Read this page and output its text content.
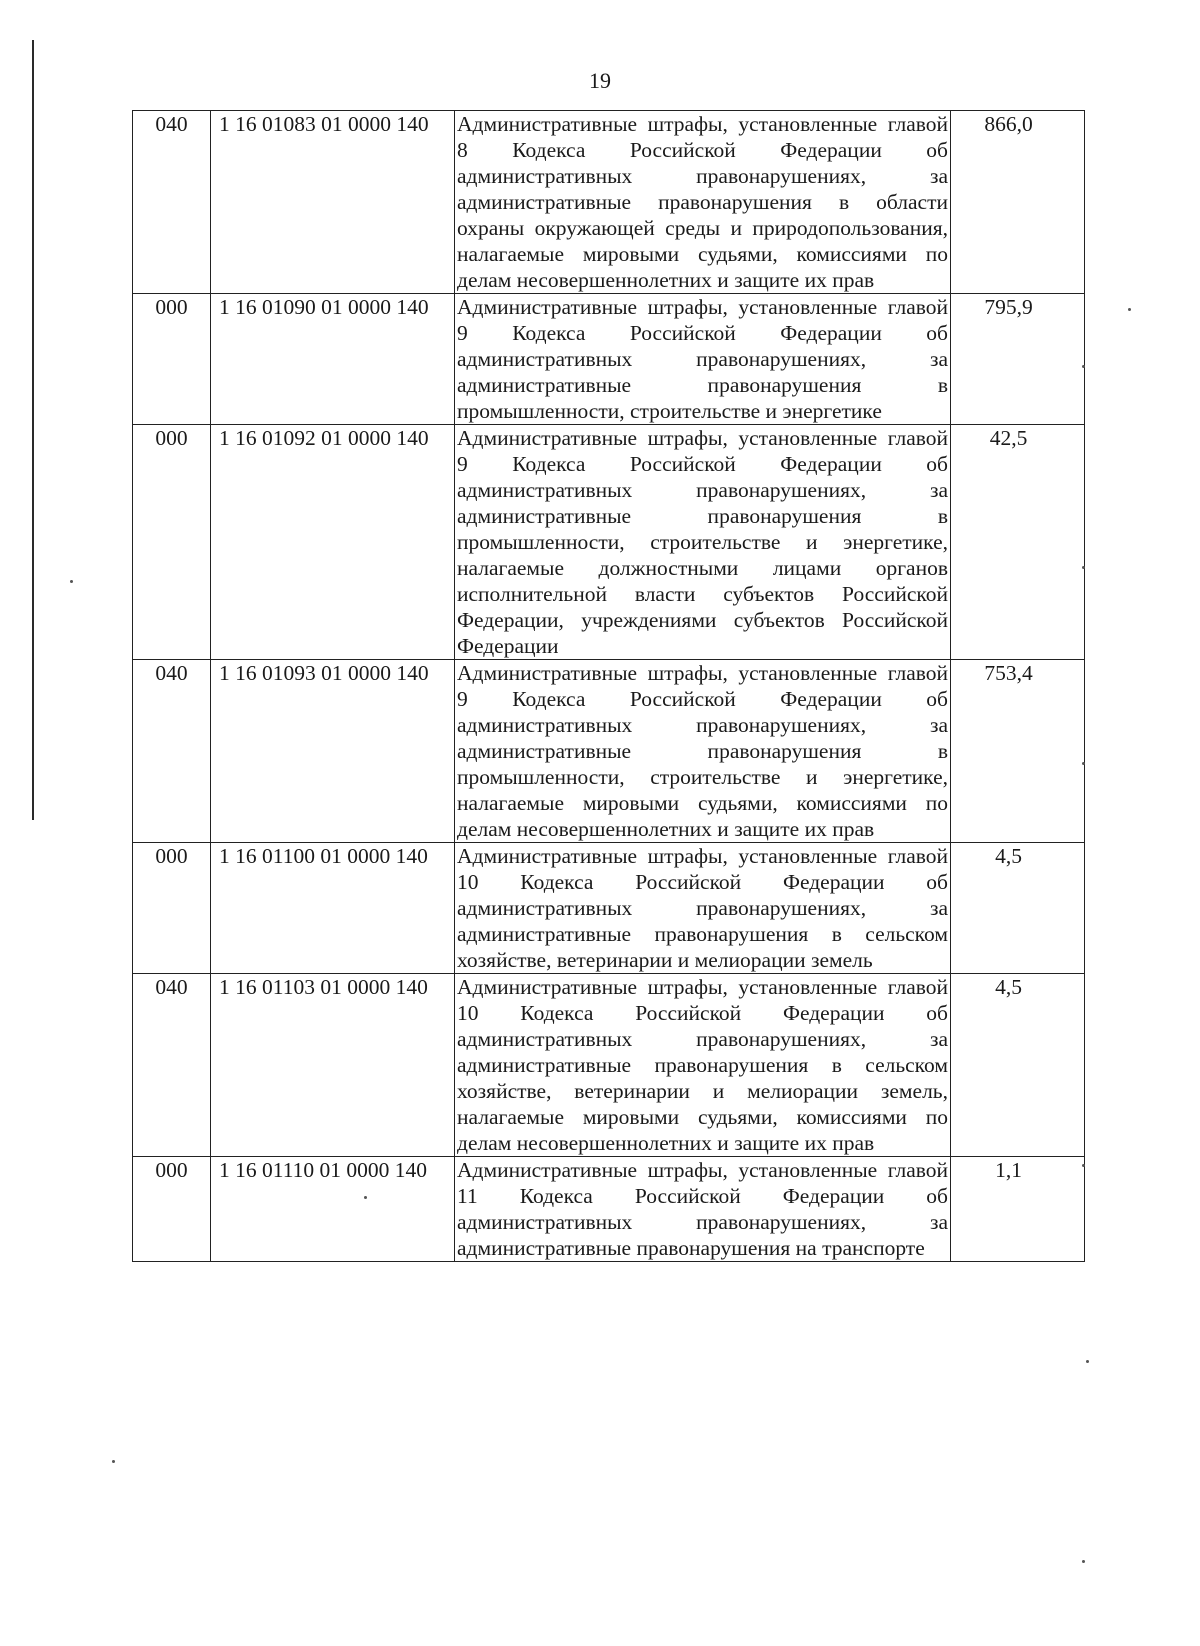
19
040	1 16 01083 01 0000 140	Административные штрафы, установленные главой 8 Кодекса Российской Федерации об административных правонарушениях, за административные правонарушения в области охраны окружающей среды и природопользования, налагаемые мировыми судьями, комиссиями по делам несовершеннолетних и защите их прав	866,0
000	1 16 01090 01 0000 140	Административные штрафы, установленные главой 9 Кодекса Российской Федерации об административных правонарушениях, за административные правонарушения в промышленности, строительстве и энергетике	795,9
000	1 16 01092 01 0000 140	Административные штрафы, установленные главой 9 Кодекса Российской Федерации об административных правонарушениях, за административные правонарушения в промышленности, строительстве и энергетике, налагаемые должностными лицами органов исполнительной власти субъектов Российской Федерации, учреждениями субъектов Российской Федерации	42,5
040	1 16 01093 01 0000 140	Административные штрафы, установленные главой 9 Кодекса Российской Федерации об административных правонарушениях, за административные правонарушения в промышленности, строительстве и энергетике, налагаемые мировыми судьями, комиссиями по делам несовершеннолетних и защите их прав	753,4
000	1 16 01100 01 0000 140	Административные штрафы, установленные главой 10 Кодекса Российской Федерации об административных правонарушениях, за административные правонарушения в сельском хозяйстве, ветеринарии и мелиорации земель	4,5
040	1 16 01103 01 0000 140	Административные штрафы, установленные главой 10 Кодекса Российской Федерации об административных правонарушениях, за административные правонарушения в сельском хозяйстве, ветеринарии и мелиорации земель, налагаемые мировыми судьями, комиссиями по делам несовершеннолетних и защите их прав	4,5
000	1 16 01110 01 0000 140	Административные штрафы, установленные главой 11 Кодекса Российской Федерации об административных правонарушениях, за административные правонарушения на транспорте	1,1
